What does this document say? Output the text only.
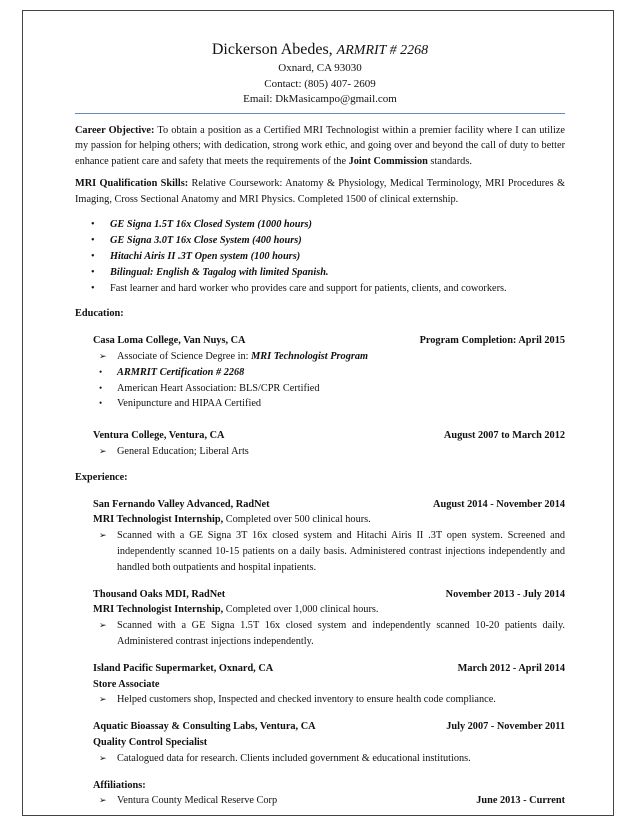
Dickerson Abedes, ARMRIT # 2268
Oxnard, CA 93030
Contact: (805) 407- 2609
Email: DkMasicampo@gmail.com

Career Objective: To obtain a position as a Certified MRI Technologist within a premier facility where I can utilize my passion for helping others; with dedication, strong work ethic, and going over and beyond the call of duty to better enhance patient care and safety that meets the requirements of the Joint Commission standards.

MRI Qualification Skills: Relative Coursework: Anatomy & Physiology, Medical Terminology, MRI Procedures & Imaging, Cross Sectional Anatomy and MRI Physics. Completed 1500 of clinical externship.

• GE Signa 1.5T 16x Closed System (1000 hours)
• GE Signa 3.0T 16x Close System (400 hours)
• Hitachi Airis II .3T Open system (100 hours)
• Bilingual: English & Tagalog with limited Spanish.
• Fast learner and hard worker who provides care and support for patients, clients, and coworkers.
Education:
Casa Loma College, Van Nuys, CA	Program Completion: April 2015
➢ Associate of Science Degree in: MRI Technologist Program
• ARMRIT Certification # 2268
• American Heart Association: BLS/CPR Certified
• Venipuncture and HIPAA Certified
Ventura College, Ventura, CA	August 2007 to March 2012
➢ General Education; Liberal Arts
Experience:
San Fernando Valley Advanced, RadNet	August 2014 - November 2014
MRI Technologist Internship, Completed over 500 clinical hours.
➢ Scanned with a GE Signa 3T 16x closed system and Hitachi Airis II .3T open system. Screened and independently scanned 10-15 patients on a daily basis. Administered contrast injections independently and handled both outpatients and hospital inpatients.
Thousand Oaks MDI, RadNet	November 2013 - July 2014
MRI Technologist Internship, Completed over 1,000 clinical hours.
➢ Scanned with a GE Signa 1.5T 16x closed system and independently scanned 10-20 patients daily. Administered contrast injections independently.
Island Pacific Supermarket, Oxnard, CA	March 2012 - April 2014
Store Associate
➢ Helped customers shop, Inspected and checked inventory to ensure health code compliance.
Aquatic Bioassay & Consulting Labs, Ventura, CA	July 2007 - November 2011
Quality Control Specialist
➢ Catalogued data for research. Clients included government & educational institutions.
Affiliations:
➢ Ventura County Medical Reserve Corp	June 2013 - Current
